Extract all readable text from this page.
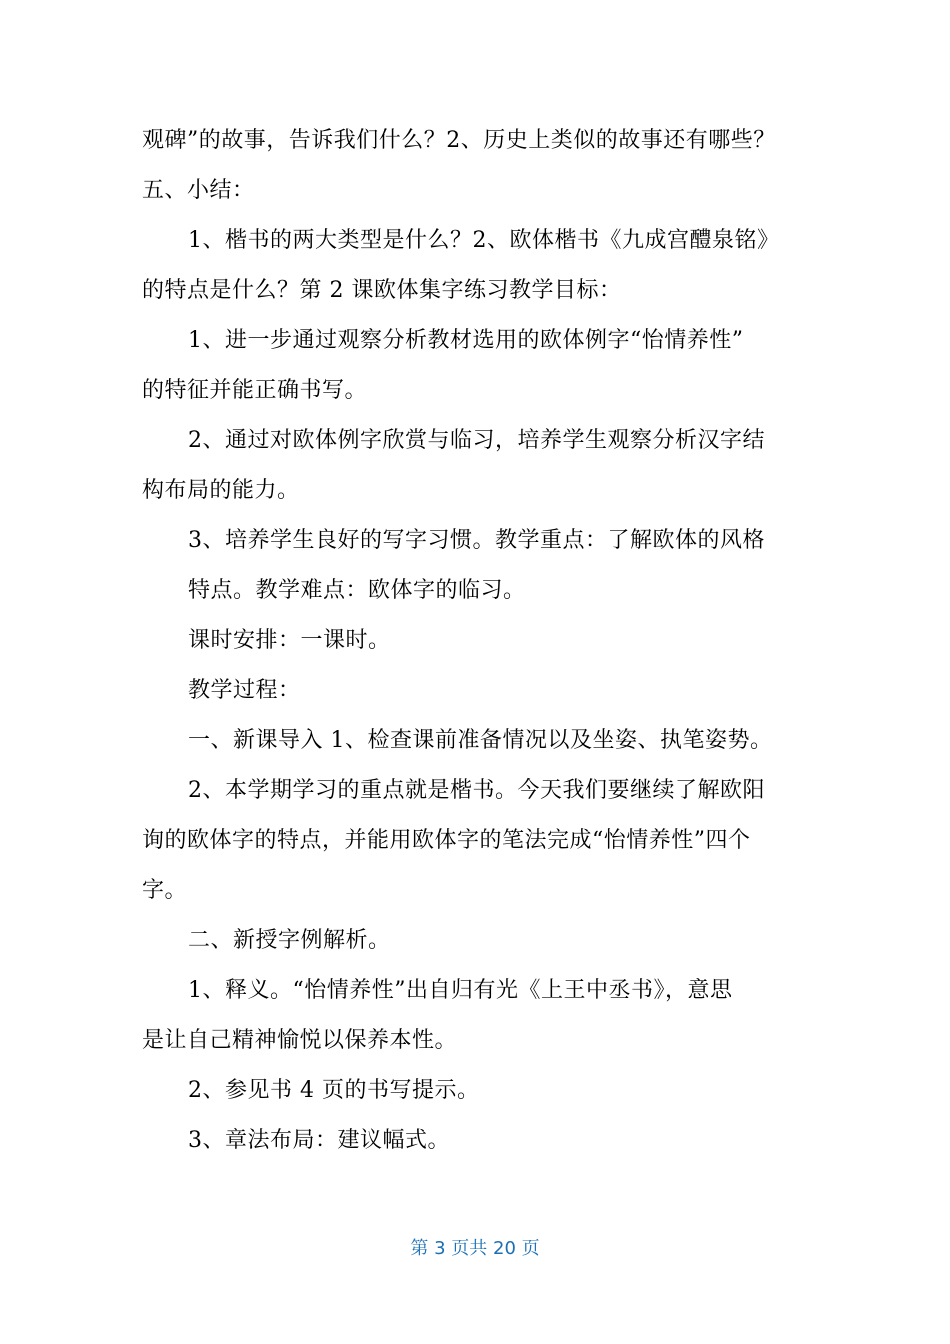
观碑”的故事，告诉我们什么？2、历史上类似的故事还有哪些？
五、小结：
1、楷书的两大类型是什么？2、欧体楷书《九成宫醴泉铭》
的特点是什么？第 2 课欧体集字练习教学目标：
1、进一步通过观察分析教材选用的欧体例字“怡情养性”
的特征并能正确书写。
2、通过对欧体例字欣赏与临习，培养学生观察分析汉字结
构布局的能力。
3、培养学生良好的写字习惯。教学重点：了解欧体的风格
特点。教学难点：欧体字的临习。
课时安排：一课时。
教学过程：
一、新课导入 1、检查课前准备情况以及坐姿、执笔姿势。
2、本学期学习的重点就是楷书。今天我们要继续了解欧阳
询的欧体字的特点，并能用欧体字的笔法完成“怡情养性”四个
字。
二、新授字例解析。
1、释义。“怡情养性”出自归有光《上王中丞书》，意思
是让自己精神愉悦以保养本性。
2、参见书 4 页的书写提示。
3、章法布局：建议幅式。
第 3 页共 20 页
